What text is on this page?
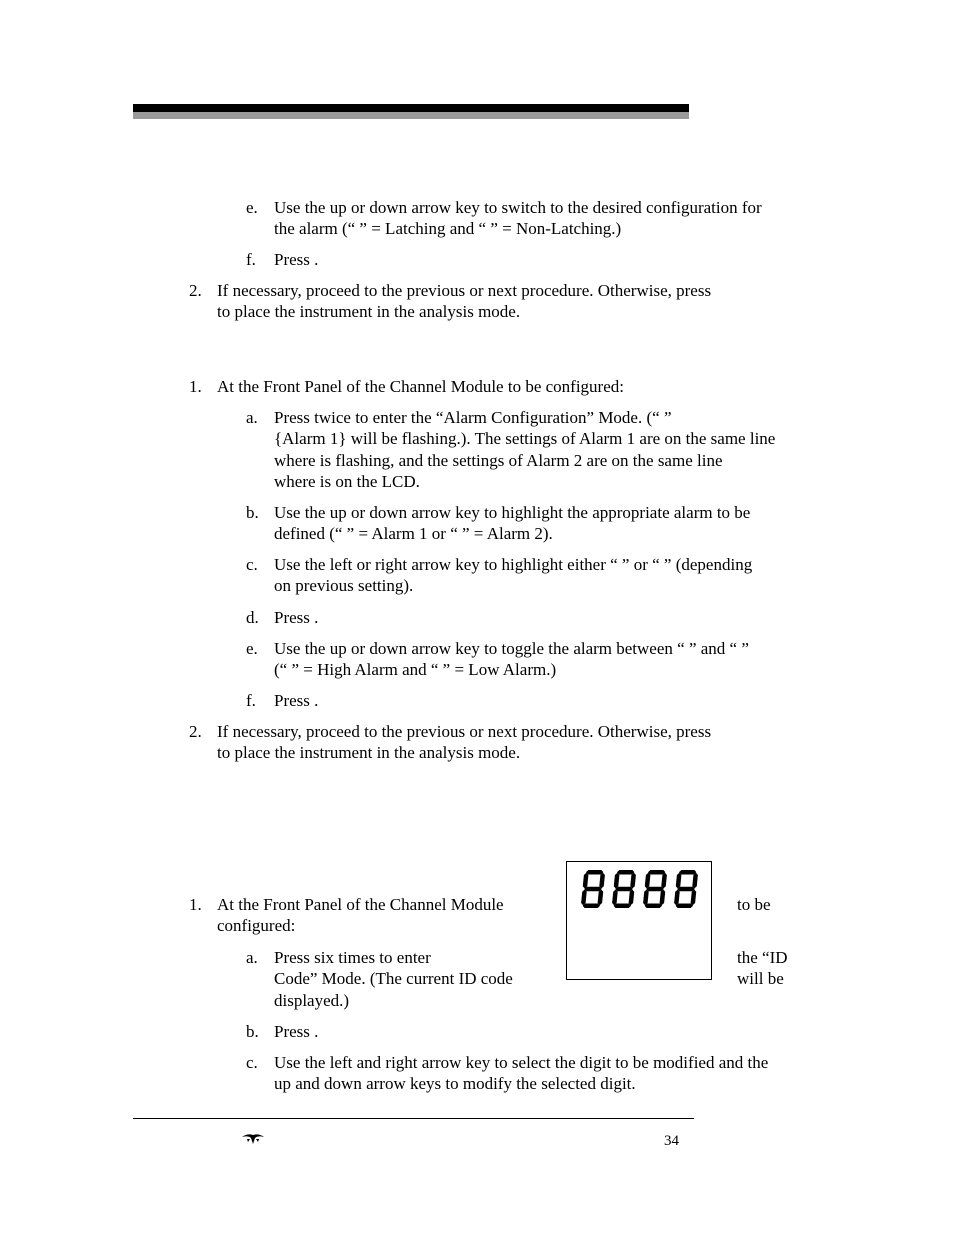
e. Use the up or down arrow key to switch to the desired configuration for
the alarm (“ ” = Latching and “ ” = Non-Latching.)
f. Press .
2. If necessary, proceed to the previous or next procedure. Otherwise, press
to place the instrument in the analysis mode.
1. At the Front Panel of the Channel Module to be configured:
a. Press twice to enter the “Alarm Configuration” Mode. (“ ”
{Alarm 1} will be flashing.). The settings of Alarm 1 are on the same line
where is flashing, and the settings of Alarm 2 are on the same line
where is on the LCD.
b. Use the up or down arrow key to highlight the appropriate alarm to be
defined (“ ” = Alarm 1 or “ ” = Alarm 2).
c. Use the left or right arrow key to highlight either “ ” or “ ” (depending
on previous setting).
d. Press .
e. Use the up or down arrow key to toggle the alarm between “ ” and “ ”
(“ ” = High Alarm and “ ” = Low Alarm.)
f. Press .
2. If necessary, proceed to the previous or next procedure. Otherwise, press
to place the instrument in the analysis mode.
1. At the Front Panel of the Channel Module
configured:
to be
a. Press six times to enter
Code” Mode. (The current ID code
displayed.)
the “ID
will be
b. Press .
c. Use the left and right arrow key to select the digit to be modified and the
up and down arrow keys to modify the selected digit.
34
